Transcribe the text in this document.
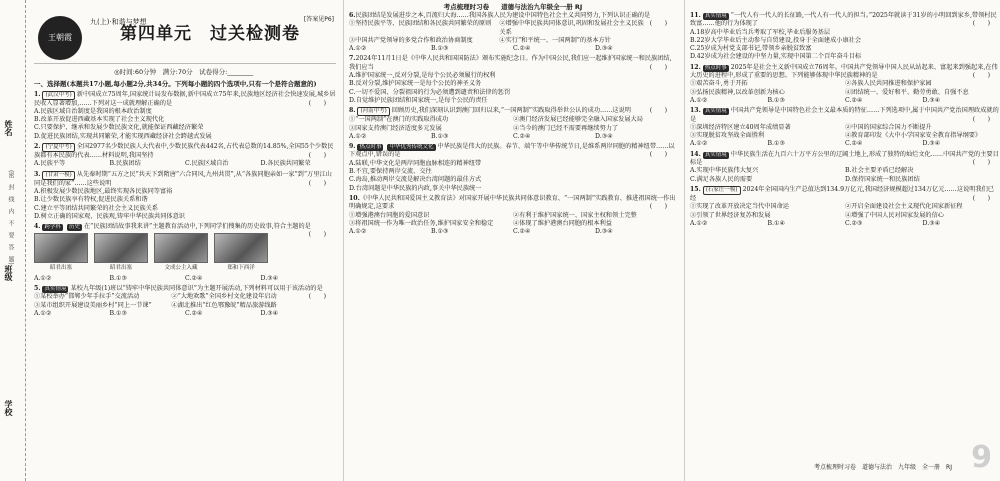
姓名
(密　封　线　内　不　要　答　题)
班级
学校
考点梳理时习卷 道德与法治九年级全一册 RJ
王朝霞
九(上)·和谐与梦想
第四单元　过关检测卷
[答案见P6]
◎时间:60分钟　满分:70分　试卷得分:________
一、选择题(本题共17小题,每小题2分,共34分。下列每小题的四个选项中,只有一个是符合题意的)

1. (武汉中考) 新中国成立75周年,国家统计局发布数据,新中国成立75年来,民族地区经济社会快速发展,城乡居民收入显著增加,……下列对这一成就理解正确的是	(　　)

A.民族区域自治制度是我国的根本政治制度
B.改革开放促进西藏基本实现了社会主义现代化
C.只要保护、继承和发展少数民族文化,就能保证西藏经济繁荣
D.促进民族团结,实现共同繁荣,才能实现西藏经济社会跨越式发展

2. (宁夏中考) 全国2977名少数民族人大代表中,少数民族代表442名,占代表总数的14.85%,全国55个少数民族都有本民族的代表……材料说明,我国坚持	(　　)

A.民族平等	B.民族团结	C.民族区域自治	D.各民族共同繁荣

3. (甘肃一模) 从先秦时期“五方之民”共天下到隋唐“六合同风,九州共贯”,从“各族同胞亲如一家”到“万里江山同是我们的家”……这些说明	(　　)

A.积极发展少数民族地区,最终实现各民族同等富裕
B.让少数民族享有特权,促进民族关系和谐
C.建立平等团结共同繁荣的社会主义民族关系
D.树立正确的国家观、民族观,铸牢中华民族共同体意识

4. 跨学科 历史 在“民族团结故事我来讲”主题教育活动中,下列同学们搜集的历史故事,符合主题的是
(　　)

昭君出塞	昭君出塞	文成公主入藏	郑和下西洋
A.①②	B.①③	C.②④	D.③④

5. 真实情境 某校九年级(1)班以“铸牢中华民族共同体意识”为主题开展活动,下列材料可以用于该活动的是
(　　)

①某校举办“邯郸少年手拉手”交流活动	②“大地欢歌”全国乡村文化建设年启动
③某市组织开展建设美丽乡村“同上一节课”	④湖北推出“红色鄂豫皖”精品旅游线路
A.①②	B.①③	C.②④	D.③④

6.民族团结是发展进步之本,百流归大海……我国各族人民为建设中国特色社会主义共同努力,下列认识正确的是
(　　)

①坚持民族平等、民族团结和各民族共同繁荣的原则	②增强中华民族共同体意识,巩固和发展社会主义民族关系
③中国共产党领导的多党合作和政治协商制度	④实行“和平统一、一国两制”的基本方针
A.①②	B.①③	C.②④	D.③④

7.2024年11月1日是《中华人民共和国国防法》颁布实施纪念日。作为中国公民,我们应一起维护国家统一和民族团结,我们应当	(　　)

A.维护国家统一,反对分裂,是每个公民必须履行的权利
B.反对分裂,维护国家统一是每个公民的神圣义务
C.一切不爱国、分裂祖国的行为必须遭到谴责和法律的惩罚
D.自觉维护民族团结和国家统一,是每个公民的责任

8. (河南中考) 回顾历史,我们深刻认识到澳门回归以来,“一国两制”实践取得举世公认的成功……这说明	(　　)

①“一国两制”在澳门的实践取得成功	②澳门经济发展已经能够完全融入国家发展大局
③国家支持澳门经济适度多元发展	④当今的澳门已经不需要再继续努力了
A.①②	B.①③	C.②④	D.③④

9. 热点时事 中华优秀传统文化 中华民族是伟大的民族。春节、端午等中华传统节日,是维系两岸同胞的精神纽带……以下观点中,错误的是	(　　)

A.陆联,中华文化是两岸同胞血脉相连的精神纽带
B.不宜,要保持两岸交流、交往
C.海岛,推动两岸交流是解决台湾问题的最佳方式
D.台湾问题是中华民族的内政,事关中华民族统一

10.《中华人民共和国爱国主义教育法》对国家开展中华民族共同体意识教育、“一国两制”实践教育、推进祖国统一作出明确规定,这要求	(　　)

①增强港澳台同胞的爱国意识	②有利于维护国家统一、国家主权和领土完整
③将祖国统一作为唯一政治任务,维护国家安全和稳定	④体现了维护港澳台同胞的根本利益
A.①②	B.①③	C.②④	D.③④

11. 真实情境 “一代人有一代人的长征路,一代人有一代人的担当。”2025年就读于31岁的小明回到家乡,带领村民致富……他的行为体现了	(　　)

A.18岁高中毕业后当兵考取了军校,毕业后服务基层
B.22岁大学毕业后主动参与自贸建设,投身于全面建成小康社会
C.25岁成为村党支部书记,带领乡亲脱贫致富
D.42岁成为社会建设的中坚力量,实现中国第二个百年奋斗目标

12. 热点时事 2025年是社会主义新中国成立76周年。中国共产党领导中国人民从站起来、富起来到强起来,在伟大历史的进程中,形成了重要的思想。下列能够体现中华民族精神的是	(　　)

①艰苦奋斗,勇于开拓	②各族人民共同推进和保护家园
③弘扬民族精神,以改革创新为核心	④团结统一、爱好和平、勤劳勇敢、自强不息
A.①②	B.①③	C.②④	D.③④

13. 真实情境 中国共产党领导是中国特色社会主义最本质的特征……下列选项中,属于中国共产党治国理政成就的是	(　　)

①深圳经济特区建立40周年成绩显著	②中国的国家综合国力不断提升
③实现脱贫攻坚战全面胜利	④教育部印发《大中小学国家安全教育指导纲要》
A.①②	B.①③	C.②④	D.③④

14. 真实情境 中华民族生活在九百六十万平方公里的辽阔土地上,形成了独特的灿烂文化……中国共产党的主要目标是	(　　)

A.实现中华民族伟大复兴	B.社会主要矛盾已经解决
C.满足各族人民的需要	D.保持国家统一和民族团结

15. (石家庄一模) 2024年全国国内生产总值达到134.9万亿元,我国经济规模超过134万亿元……这说明我们已经	(　　)

①实现了改革开放决定当代中国命运	②开启全面建设社会主义现代化国家新征程
③引领了世界经济复苏和发展	④增强了中国人民对国家发展的信心
A.①②	B.①④	C.②③	D.③④
考点梳理时习卷　道德与法治　九年级　全一册　RJ 9
